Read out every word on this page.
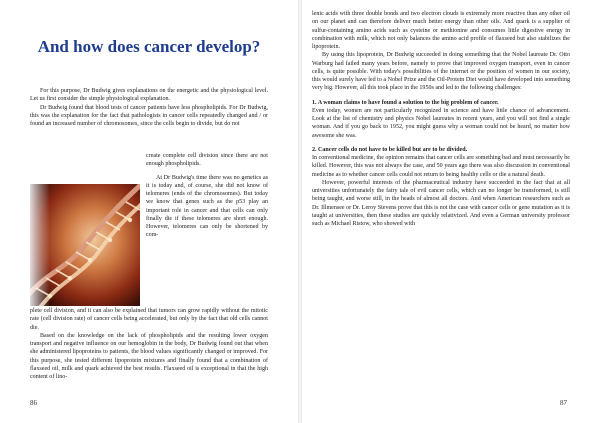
And how does cancer develop?

For this purpose, Dr Budwig gives explanations on the energetic and the physiological level. Let us first consider the simple physiological explanation.

Dr Budwig found that blood tests of cancer patients have less phospholipids. For Dr Budwig, this was the explanation for the fact that pathologists in cancer cells repeatedly changed and / or found an increased number of chromosomes, since the cells begin to divide, but do not

create complete cell division since there are not enough phospholipids.

At Dr Budwig's time there was no genetics as it is today and, of course, she did not know of telomeres (ends of the chromosomes). But today we know that genes such as the p53 play an important role in cancer and that cells can only finally die if these telomeres are short enough. However, telomeres can only be shortened by com-

plete cell division, and it can also be explained that tumors can grow rapidly without the mitotic rate (cell division rate) of cancer cells being accelerated, but only by the fact that old cells cannot die.

Based on the knowledge on the lack of phospholipids and the resulting lower oxygen transport and negative influence on our hemoglobin in the body, Dr Budwig found out that when she administered lipoproteins to patients, the blood values significantly changed or improved. For this purpose, she tested different lipoprotein mixtures and finally found that a combination of flaxseed oil, milk and quark achieved the best results. Flaxseed oil is exceptional in that the high content of lino-

86

lenic acids with three double bonds and two electron clouds is extremely more reactive than any other oil on our planet and can therefore deliver much better energy than other oils. And quark is a supplier of sulfur-containing amino acids such as cysteine or methionine and consumes little digestive energy in combination with milk, which not only balances the amino acid profile of flaxseed but also stabilizes the lipoprotein.

By using this lipoprotein, Dr Budwig succeeded in doing something that the Nobel laureate Dr. Otto Warburg had failed many years before, namely to prove that improved oxygen transport, even in cancer cells, is quite possible. With today's possibilities of the internet or the position of women in our society, this would surely have led to a Nobel Prize and the Oil-Protein Diet would have developed into something very big. However, all this took place in the 1950s and led to the following challenges:

1. A woman claims to have found a solution to the big problem of cancer.

Even today, women are not particularly recognized in science and have little chance of advancement. Look at the list of chemistry and physics Nobel laureates in recent years, and you will not find a single woman. And if you go back to 1952, you might guess why a woman could not be heard, no matter how awesome she was.

2. Cancer cells do not have to be killed but are to be divided.

In conventional medicine, the opinion remains that cancer cells are something bad and must necessarily be killed. However, this was not always the case, and 50 years ago there was also discussion in conventional medicine as to whether cancer cells could not return to being healthy cells or die a natural death.

However, powerful interests of the pharmaceutical industry have succeeded in the fact that at all universities unfortunately the fairy tale of evil cancer cells, which can no longer be transformed, is still being taught, and worse still, in the heads of almost all doctors. And when American researchers such as Dr. Illmensee or Dr. Leroy Stevens prove that this is not the case with cancer cells or gene mutation as it is taught at universities, then these studies are quickly relativized. And even a German university professor such as Michael Ristow, who showed with

87
